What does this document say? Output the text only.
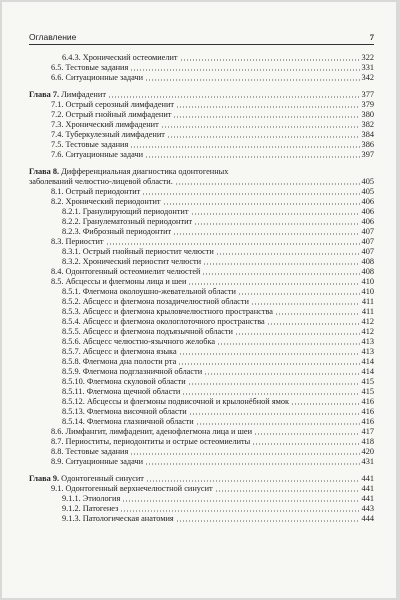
Оглавление	7
6.4.3. Хронический остеомиелит	322
6.5. Тестовые задания	331
6.6. Ситуационные задачи	342
Глава 7. Лимфаденит	377
7.1. Острый серозный лимфаденит	379
7.2. Острый гнойный лимфаденит	380
7.3. Хронический лимфаденит	382
7.4. Туберкулезный лимфаденит	384
7.5. Тестовые задания	386
7.6. Ситуационные задачи	397
Глава 8. Дифференциальная диагностика одонтогенных
заболеваний челюстно-лицевой области.	405
8.1. Острый периодонтит	405
8.2. Хронический периодонтит	406
8.2.1. Гранулирующий периодонтит	406
8.2.2. Гранулематозный периодонтит	406
8.2.3. Фиброзный периодонтит	407
8.3. Периостит	407
8.3.1. Острый гнойный периостит челюсти	407
8.3.2. Хронический периостит челюсти	408
8.4. Одонтогенный остеомиелит челюстей	408
8.5. Абсцессы и флегмоны лица и шеи	410
8.5.1. Флегмона околоушно-жевательной области	410
8.5.2. Абсцесс и флегмона позадичелюстной области	411
8.5.3. Абсцесс и флегмона крыловчелюстного пространства	411
8.5.4. Абсцесс и флегмона окологлоточного пространства	412
8.5.5. Абсцесс и флегмона подъязычной области	412
8.5.6. Абсцесс челюстно-язычного желобка	413
8.5.7. Абсцесс и флегмона языка	413
8.5.8. Флегмона дна полости рта	414
8.5.9. Флегмона подглазничной области	414
8.5.10. Флегмона скуловой области	415
8.5.11. Флегмона щечной области	415
8.5.12. Абсцессы и флегмоны подвисочной и крылонёбной ямок	416
8.5.13. Флегмона височной области	416
8.5.14. Флегмона глазничной области	416
8.6. Лимфангит, лимфаденит, аденофлегмона лица и шеи	417
8.7. Периоститы, периодонтиты и острые остеомиелиты	418
8.8. Тестовые задания	420
8.9. Ситуационные задачи	431
Глава 9. Одонтогенный синусит	441
9.1. Одонтогенный верхнечелюстной синусит	441
9.1.1. Этиология	441
9.1.2. Патогенез	443
9.1.3. Патологическая анатомия	444
